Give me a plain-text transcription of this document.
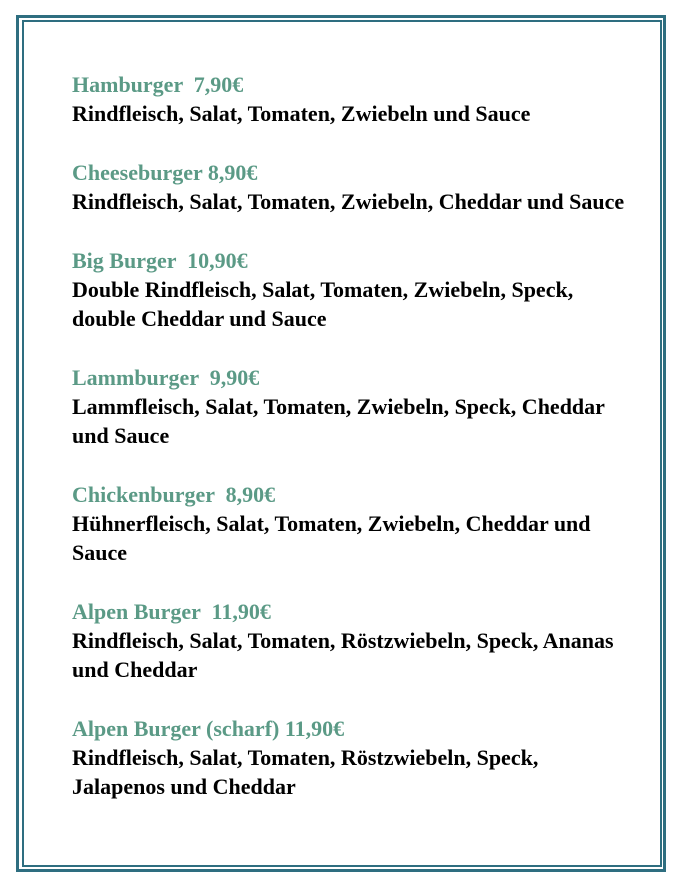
Hamburger  7,90€
Rindfleisch, Salat, Tomaten, Zwiebeln und Sauce
Cheeseburger 8,90€
Rindfleisch, Salat, Tomaten, Zwiebeln, Cheddar und Sauce
Big Burger  10,90€
Double Rindfleisch, Salat, Tomaten, Zwiebeln, Speck, double Cheddar und Sauce
Lammburger  9,90€
Lammfleisch, Salat, Tomaten, Zwiebeln, Speck, Cheddar und Sauce
Chickenburger  8,90€
Hühnerfleisch, Salat, Tomaten, Zwiebeln, Cheddar und Sauce
Alpen Burger  11,90€
Rindfleisch, Salat, Tomaten, Röstzwiebeln, Speck, Ananas und Cheddar
Alpen Burger (scharf) 11,90€
Rindfleisch, Salat, Tomaten, Röstzwiebeln, Speck, Jalapenos und Cheddar
